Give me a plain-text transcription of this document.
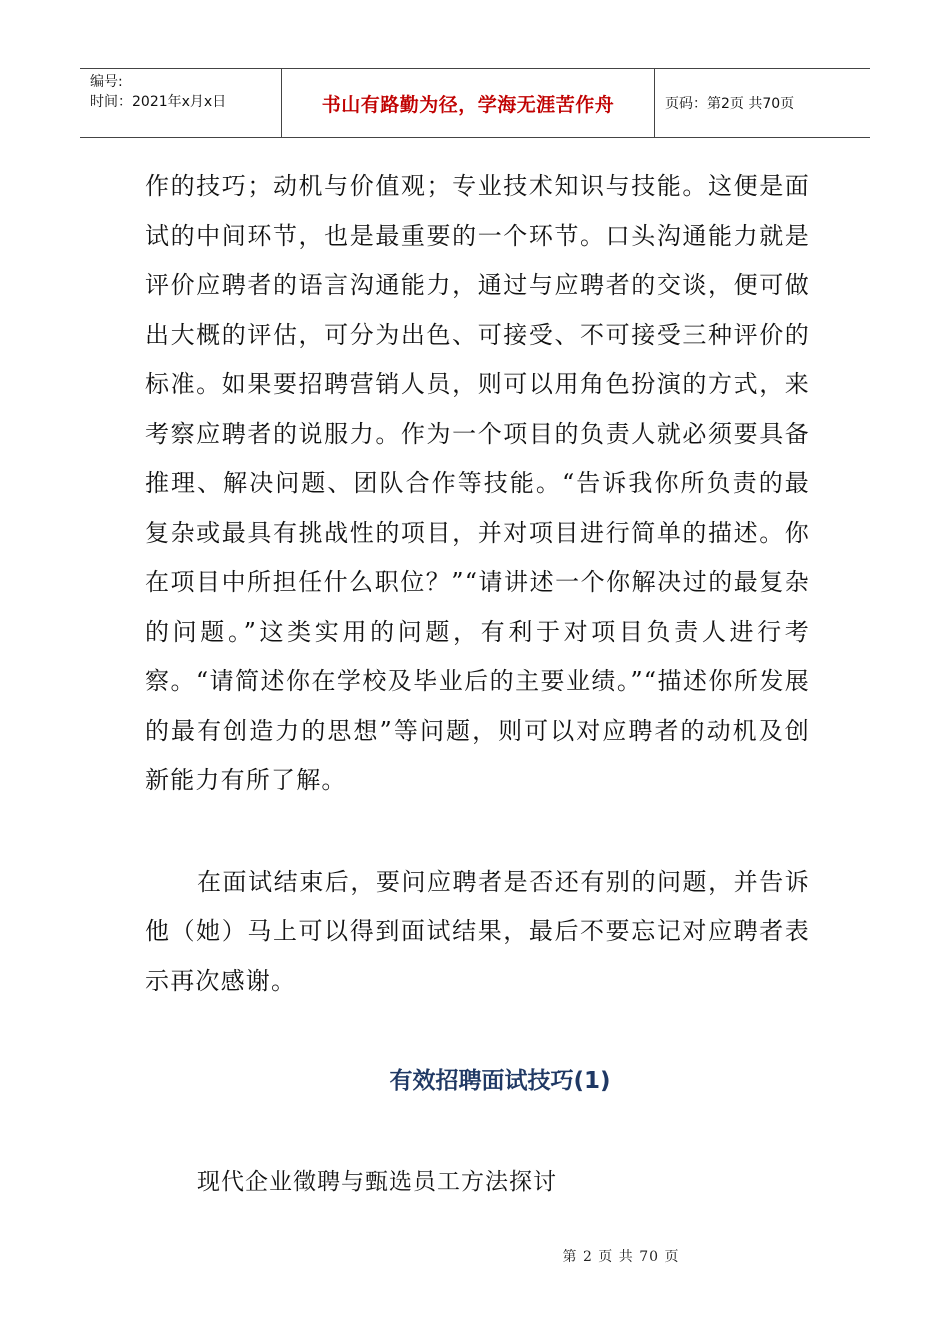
编号:
时间：2021年x月x日	书山有路勤为径，学海无涯苦作舟	页码：第2页 共70页

作的技巧；动机与价值观；专业技术知识与技能。这便是面试的中间环节，也是最重要的一个环节。口头沟通能力就是评价应聘者的语言沟通能力，通过与应聘者的交谈，便可做出大概的评估，可分为出色、可接受、不可接受三种评价的标准。如果要招聘营销人员，则可以用角色扮演的方式，来考察应聘者的说服力。作为一个项目的负责人就必须要具备推理、解决问题、团队合作等技能。“告诉我你所负责的最复杂或最具有挑战性的项目，并对项目进行简单的描述。你在项目中所担任什么职位？”“请讲述一个你解决过的最复杂的问题。”这类实用的问题，有利于对项目负责人进行考察。“请简述你在学校及毕业后的主要业绩。”“描述你所发展的最有创造力的思想”等问题，则可以对应聘者的动机及创新能力有所了解。

在面试结束后，要问应聘者是否还有别的问题，并告诉他（她）马上可以得到面试结果，最后不要忘记对应聘者表示再次感谢。

有效招聘面试技巧(1)
现代企业徵聘与甄选员工方法探讨
第 2 页 共 70 页
